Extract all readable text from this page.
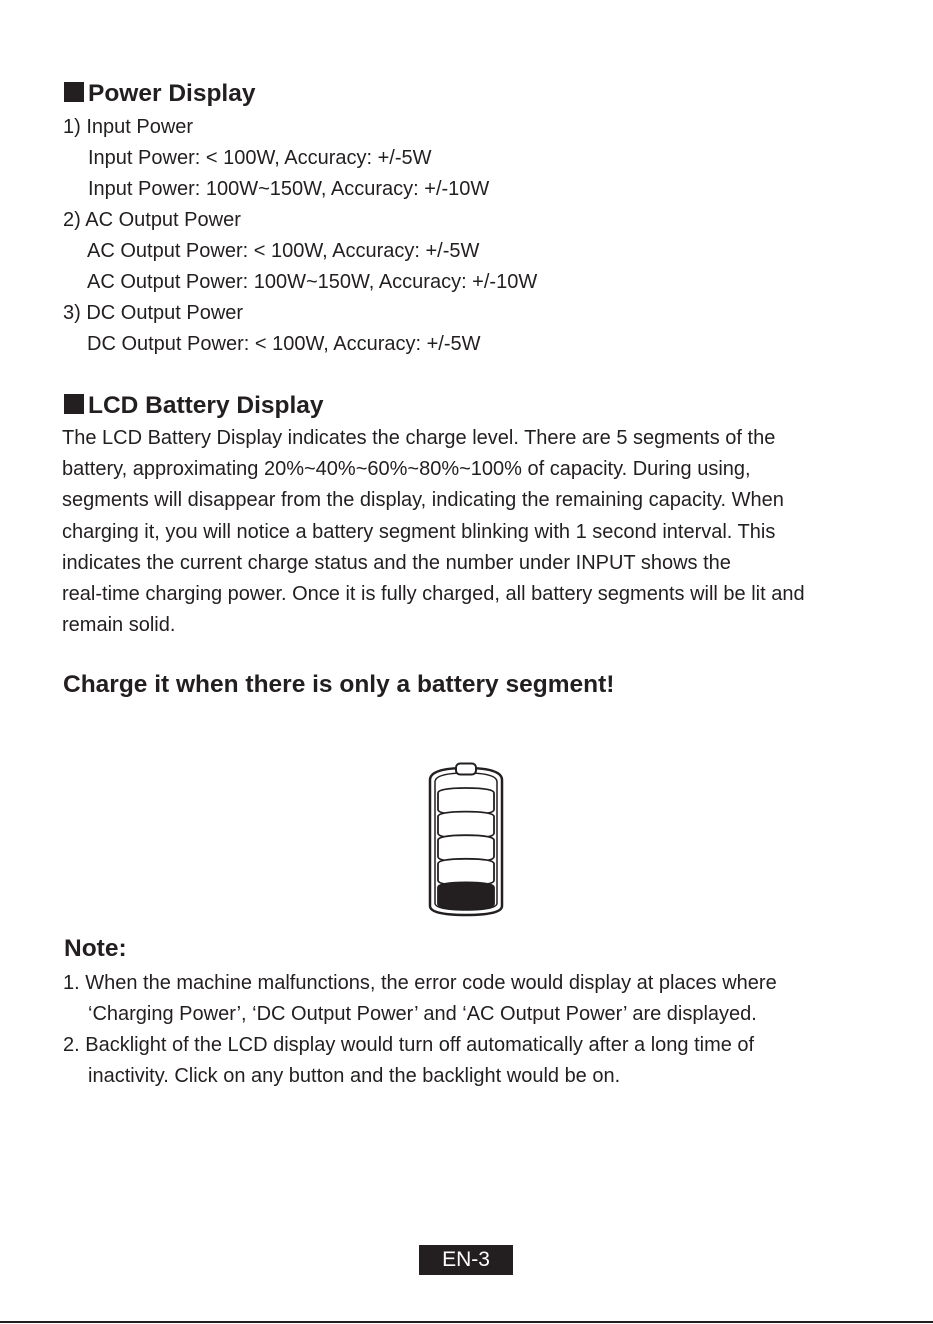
Power Display

1) Input Power

Input Power: < 100W, Accuracy: +/-5W

Input Power: 100W~150W, Accuracy: +/-10W

2) AC Output Power

AC Output Power: < 100W, Accuracy: +/-5W

AC Output Power: 100W~150W, Accuracy: +/-10W

3) DC Output Power

DC Output Power: < 100W, Accuracy: +/-5W

LCD Battery Display

The LCD Battery Display indicates the charge level. There are 5 segments of the
battery, approximating 20%~40%~60%~80%~100% of capacity. During using,
segments will disappear from the display, indicating the remaining capacity. When
charging it, you will notice a battery segment blinking with 1 second interval. This
indicates the current charge status and the number under INPUT shows the
real-time charging power. Once it is fully charged, all battery segments will be lit and
remain solid.

Charge it when there is only a battery segment!

Note:

1. When the machine malfunctions, the error code would display at places where

‘Charging Power’, ‘DC Output Power’ and ‘AC Output Power’ are displayed.

2. Backlight of the LCD display would turn off automatically after a long time of

inactivity. Click on any button and the backlight would be on.

EN-3
